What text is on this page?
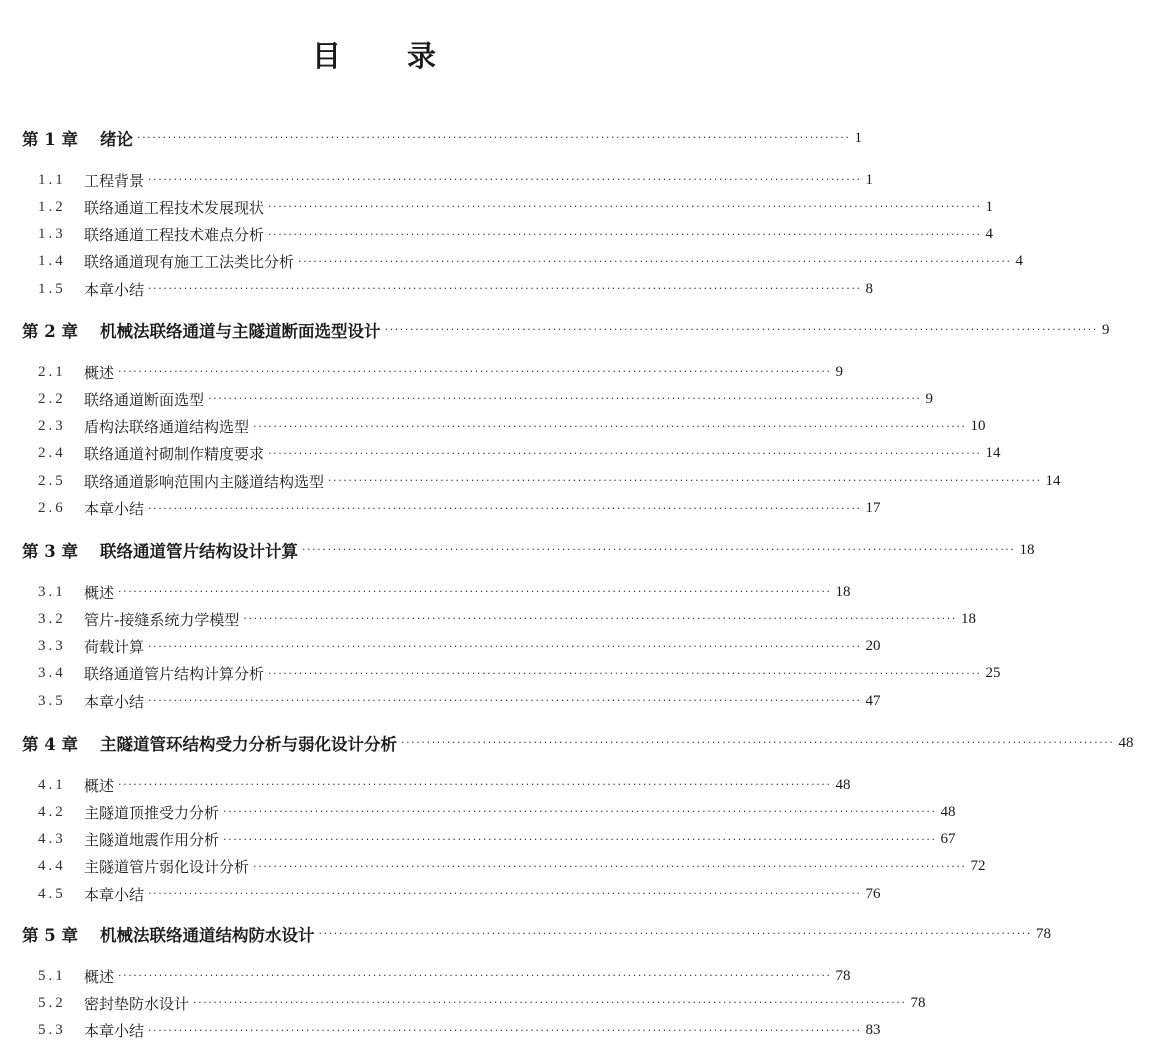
目 录
第 1 章 绪论 ············································································································································ 1
1.1	工程背景 ············································································································································ 1
1.2	联络通道工程技术发展现状 ············································································································································ 1
1.3	联络通道工程技术难点分析 ············································································································································ 4
1.4	联络通道现有施工工法类比分析 ············································································································································ 4
1.5	本章小结 ············································································································································ 8
第 2 章 机械法联络通道与主隧道断面选型设计 ············································································································································ 9
2.1	概述 ············································································································································ 9
2.2	联络通道断面选型 ············································································································································ 9
2.3	盾构法联络通道结构选型 ············································································································································ 10
2.4	联络通道衬砌制作精度要求 ············································································································································ 14
2.5	联络通道影响范围内主隧道结构选型 ············································································································································ 14
2.6	本章小结 ············································································································································ 17
第 3 章 联络通道管片结构设计计算 ············································································································································ 18
3.1	概述 ············································································································································ 18
3.2	管片-接缝系统力学模型 ············································································································································ 18
3.3	荷载计算 ············································································································································ 20
3.4	联络通道管片结构计算分析 ············································································································································ 25
3.5	本章小结 ············································································································································ 47
第 4 章 主隧道管环结构受力分析与弱化设计分析 ············································································································································ 48
4.1	概述 ············································································································································ 48
4.2	主隧道顶推受力分析 ············································································································································ 48
4.3	主隧道地震作用分析 ············································································································································ 67
4.4	主隧道管片弱化设计分析 ············································································································································ 72
4.5	本章小结 ············································································································································ 76
第 5 章 机械法联络通道结构防水设计 ············································································································································ 78
5.1	概述 ············································································································································ 78
5.2	密封垫防水设计 ············································································································································ 78
5.3	本章小结 ············································································································································ 83
